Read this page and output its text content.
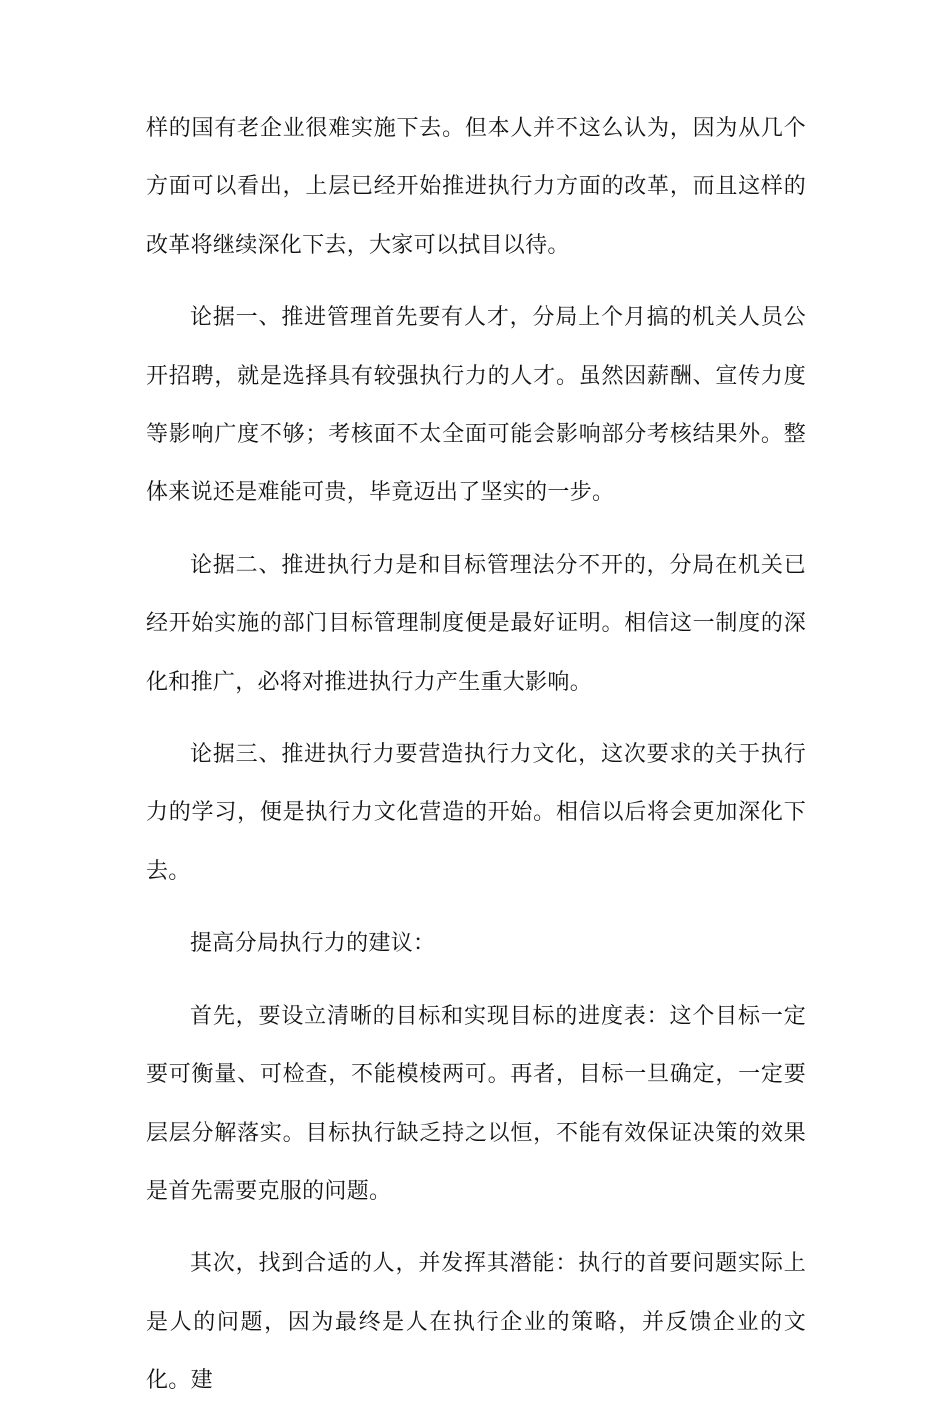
样的国有老企业很难实施下去。但本人并不这么认为，因为从几个方面可以看出，上层已经开始推进执行力方面的改革，而且这样的改革将继续深化下去，大家可以拭目以待。

论据一、推进管理首先要有人才，分局上个月搞的机关人员公开招聘，就是选择具有较强执行力的人才。虽然因薪酬、宣传力度等影响广度不够；考核面不太全面可能会影响部分考核结果外。整体来说还是难能可贵，毕竟迈出了坚实的一步。

论据二、推进执行力是和目标管理法分不开的，分局在机关已经开始实施的部门目标管理制度便是最好证明。相信这一制度的深化和推广，必将对推进执行力产生重大影响。

论据三、推进执行力要营造执行力文化，这次要求的关于执行力的学习，便是执行力文化营造的开始。相信以后将会更加深化下去。

提高分局执行力的建议：

首先，要设立清晰的目标和实现目标的进度表：这个目标一定要可衡量、可检查，不能模棱两可。再者，目标一旦确定，一定要层层分解落实。目标执行缺乏持之以恒，不能有效保证决策的效果是首先需要克服的问题。

其次，找到合适的人，并发挥其潜能：执行的首要问题实际上是人的问题，因为最终是人在执行企业的策略，并反馈企业的文化。建
